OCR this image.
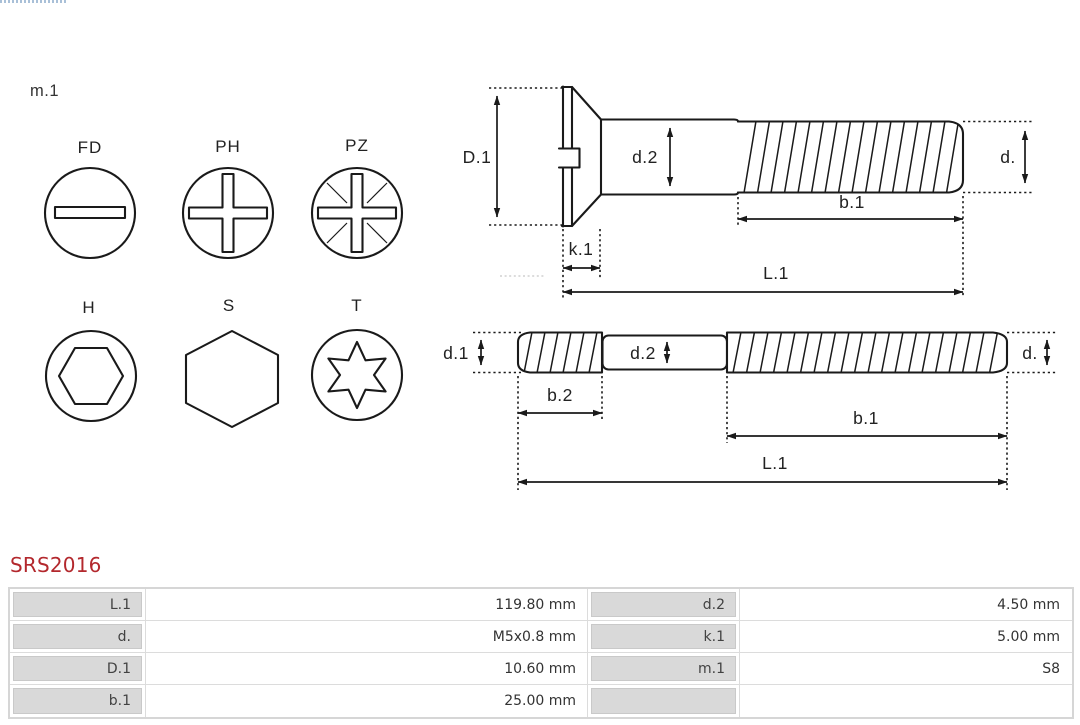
m.1
FD	PH	PZ
H	S	T
D.1	d.2	d.
b.1
k.1
L.1
d.1	d.2	d.
b.2
b.1
L.1
SRS2016
L.1	119.80 mm	d.2	4.50 mm
d.	M5x0.8 mm	k.1	5.00 mm
D.1	10.60 mm	m.1	S8
b.1	25.00 mm
